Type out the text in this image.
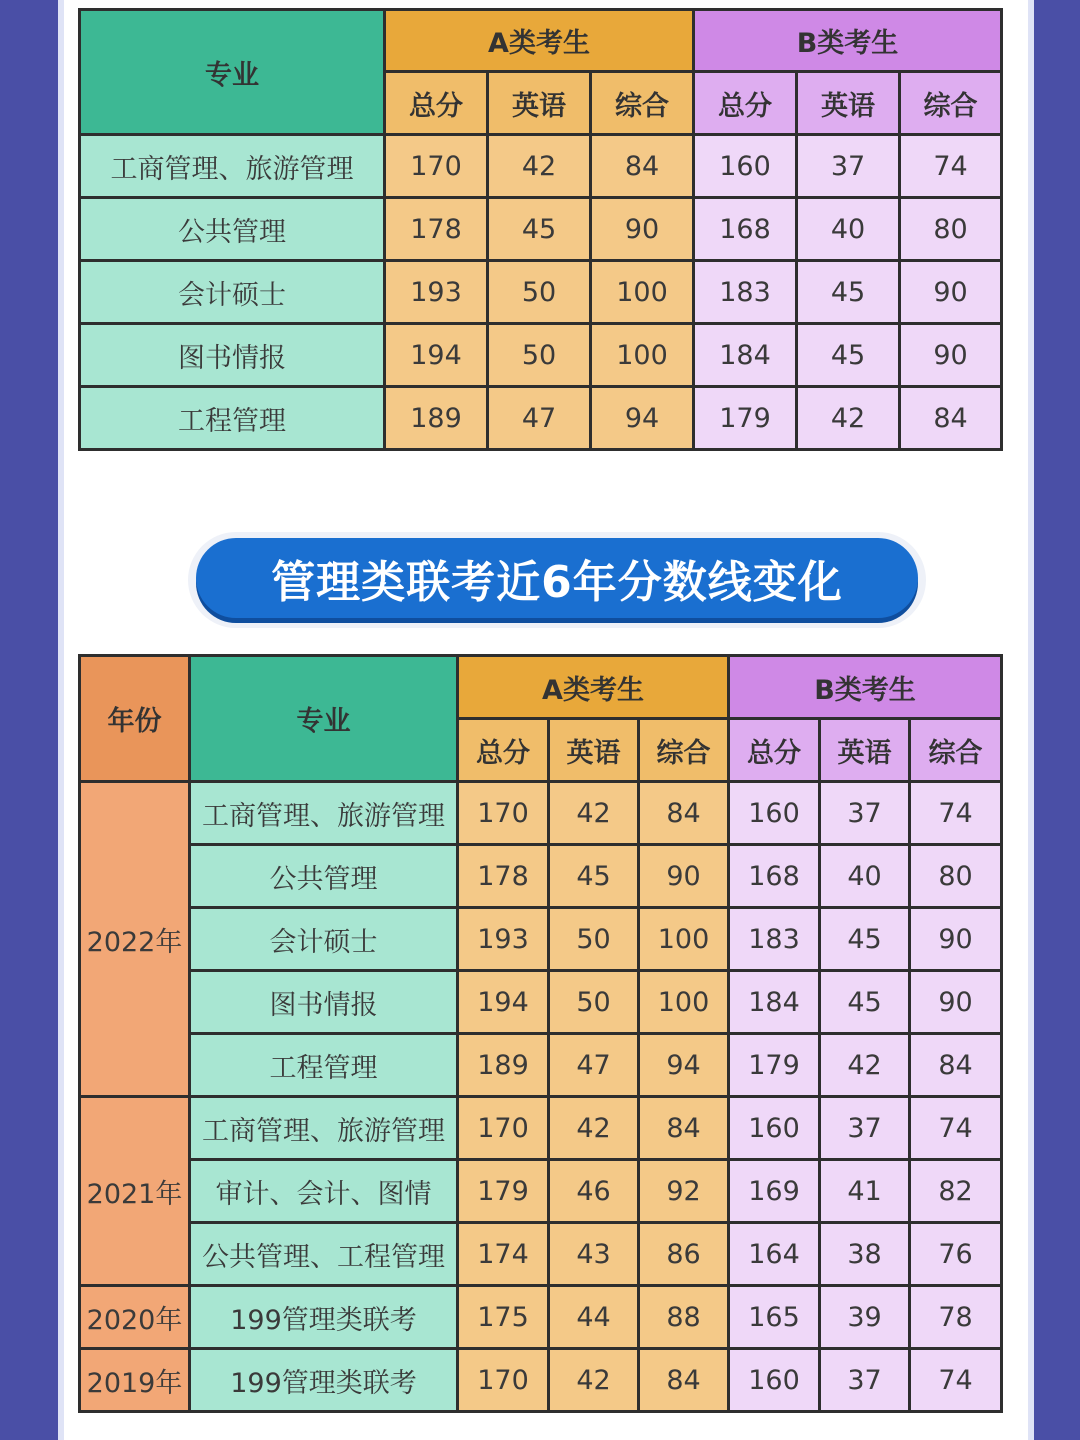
专业	A类考生			B类考生		
	总分	英语	综合	总分	英语	综合
工商管理、旅游管理	170	42	84	160	37	74
公共管理	178	45	90	168	40	80
会计硕士	193	50	100	183	45	90
图书情报	194	50	100	184	45	90
工程管理	189	47	94	179	42	84
管理类联考近6年分数线变化
年份	专业	A类考生			B类考生		
		总分	英语	综合	总分	英语	综合
2022年	工商管理、旅游管理	170	42	84	160	37	74
	公共管理	178	45	90	168	40	80
	会计硕士	193	50	100	183	45	90
	图书情报	194	50	100	184	45	90
	工程管理	189	47	94	179	42	84
2021年	工商管理、旅游管理	170	42	84	160	37	74
	审计、会计、图情	179	46	92	169	41	82
	公共管理、工程管理	174	43	86	164	38	76
2020年	199管理类联考	175	44	88	165	39	78
2019年	199管理类联考	170	42	84	160	37	74
